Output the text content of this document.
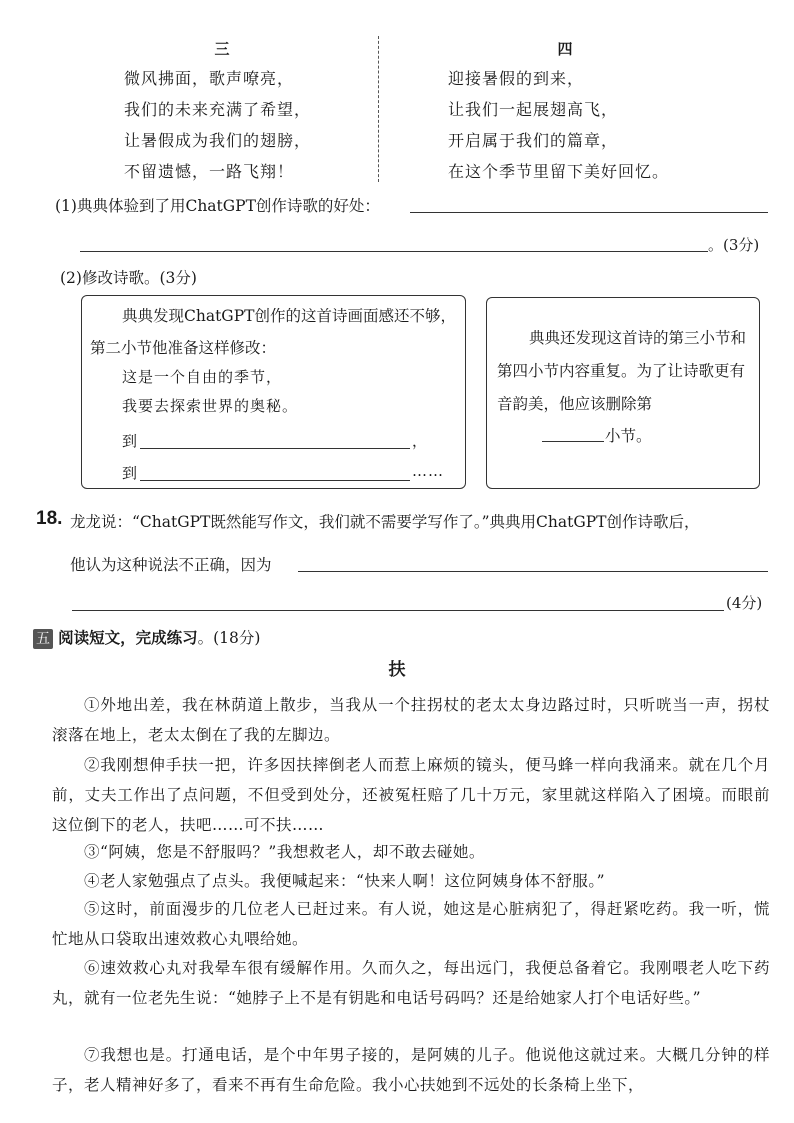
三	四
微风拂面，歌声嘹亮，
我们的未来充满了希望，
让暑假成为我们的翅膀，
不留遗憾，一路飞翔！
迎接暑假的到来，
让我们一起展翅高飞，
开启属于我们的篇章，
在这个季节里留下美好回忆。
(1)典典体验到了用ChatGPT创作诗歌的好处：
。(3分)
(2)修改诗歌。(3分)
典典发现ChatGPT创作的这首诗画面感还不够，第二小节他准备这样修改：
这是一个自由的季节，
我要去探索世界的奥秘。
到	，
到	……
典典还发现这首诗的第三小节和第四小节内容重复。为了让诗歌更有音韵美，他应该删除第
小节。
18. 龙龙说：“ChatGPT既然能写作文，我们就不需要学写作了。”典典用ChatGPT创作诗歌后，
他认为这种说法不正确，因为
(4分)
五 阅读短文，完成练习。(18分)
扶
①外地出差，我在林荫道上散步，当我从一个拄拐杖的老太太身边路过时，只听咣当一声，拐杖滚落在地上，老太太倒在了我的左脚边。
②我刚想伸手扶一把，许多因扶摔倒老人而惹上麻烦的镜头，便马蜂一样向我涌来。就在几个月前，丈夫工作出了点问题，不但受到处分，还被冤枉赔了几十万元，家里就这样陷入了困境。而眼前这位倒下的老人，扶吧……可不扶……
③“阿姨，您是不舒服吗？”我想救老人，却不敢去碰她。
④老人家勉强点了点头。我便喊起来：“快来人啊！这位阿姨身体不舒服。”
⑤这时，前面漫步的几位老人已赶过来。有人说，她这是心脏病犯了，得赶紧吃药。我一听，慌忙地从口袋取出速效救心丸喂给她。
⑥速效救心丸对我晕车很有缓解作用。久而久之，每出远门，我便总备着它。我刚喂老人吃下药丸，就有一位老先生说：“她脖子上不是有钥匙和电话号码吗？还是给她家人打个电话好些。”
⑦我想也是。打通电话，是个中年男子接的，是阿姨的儿子。他说他这就过来。大概几分钟的样子，老人精神好多了，看来不再有生命危险。我小心扶她到不远处的长条椅上坐下，
